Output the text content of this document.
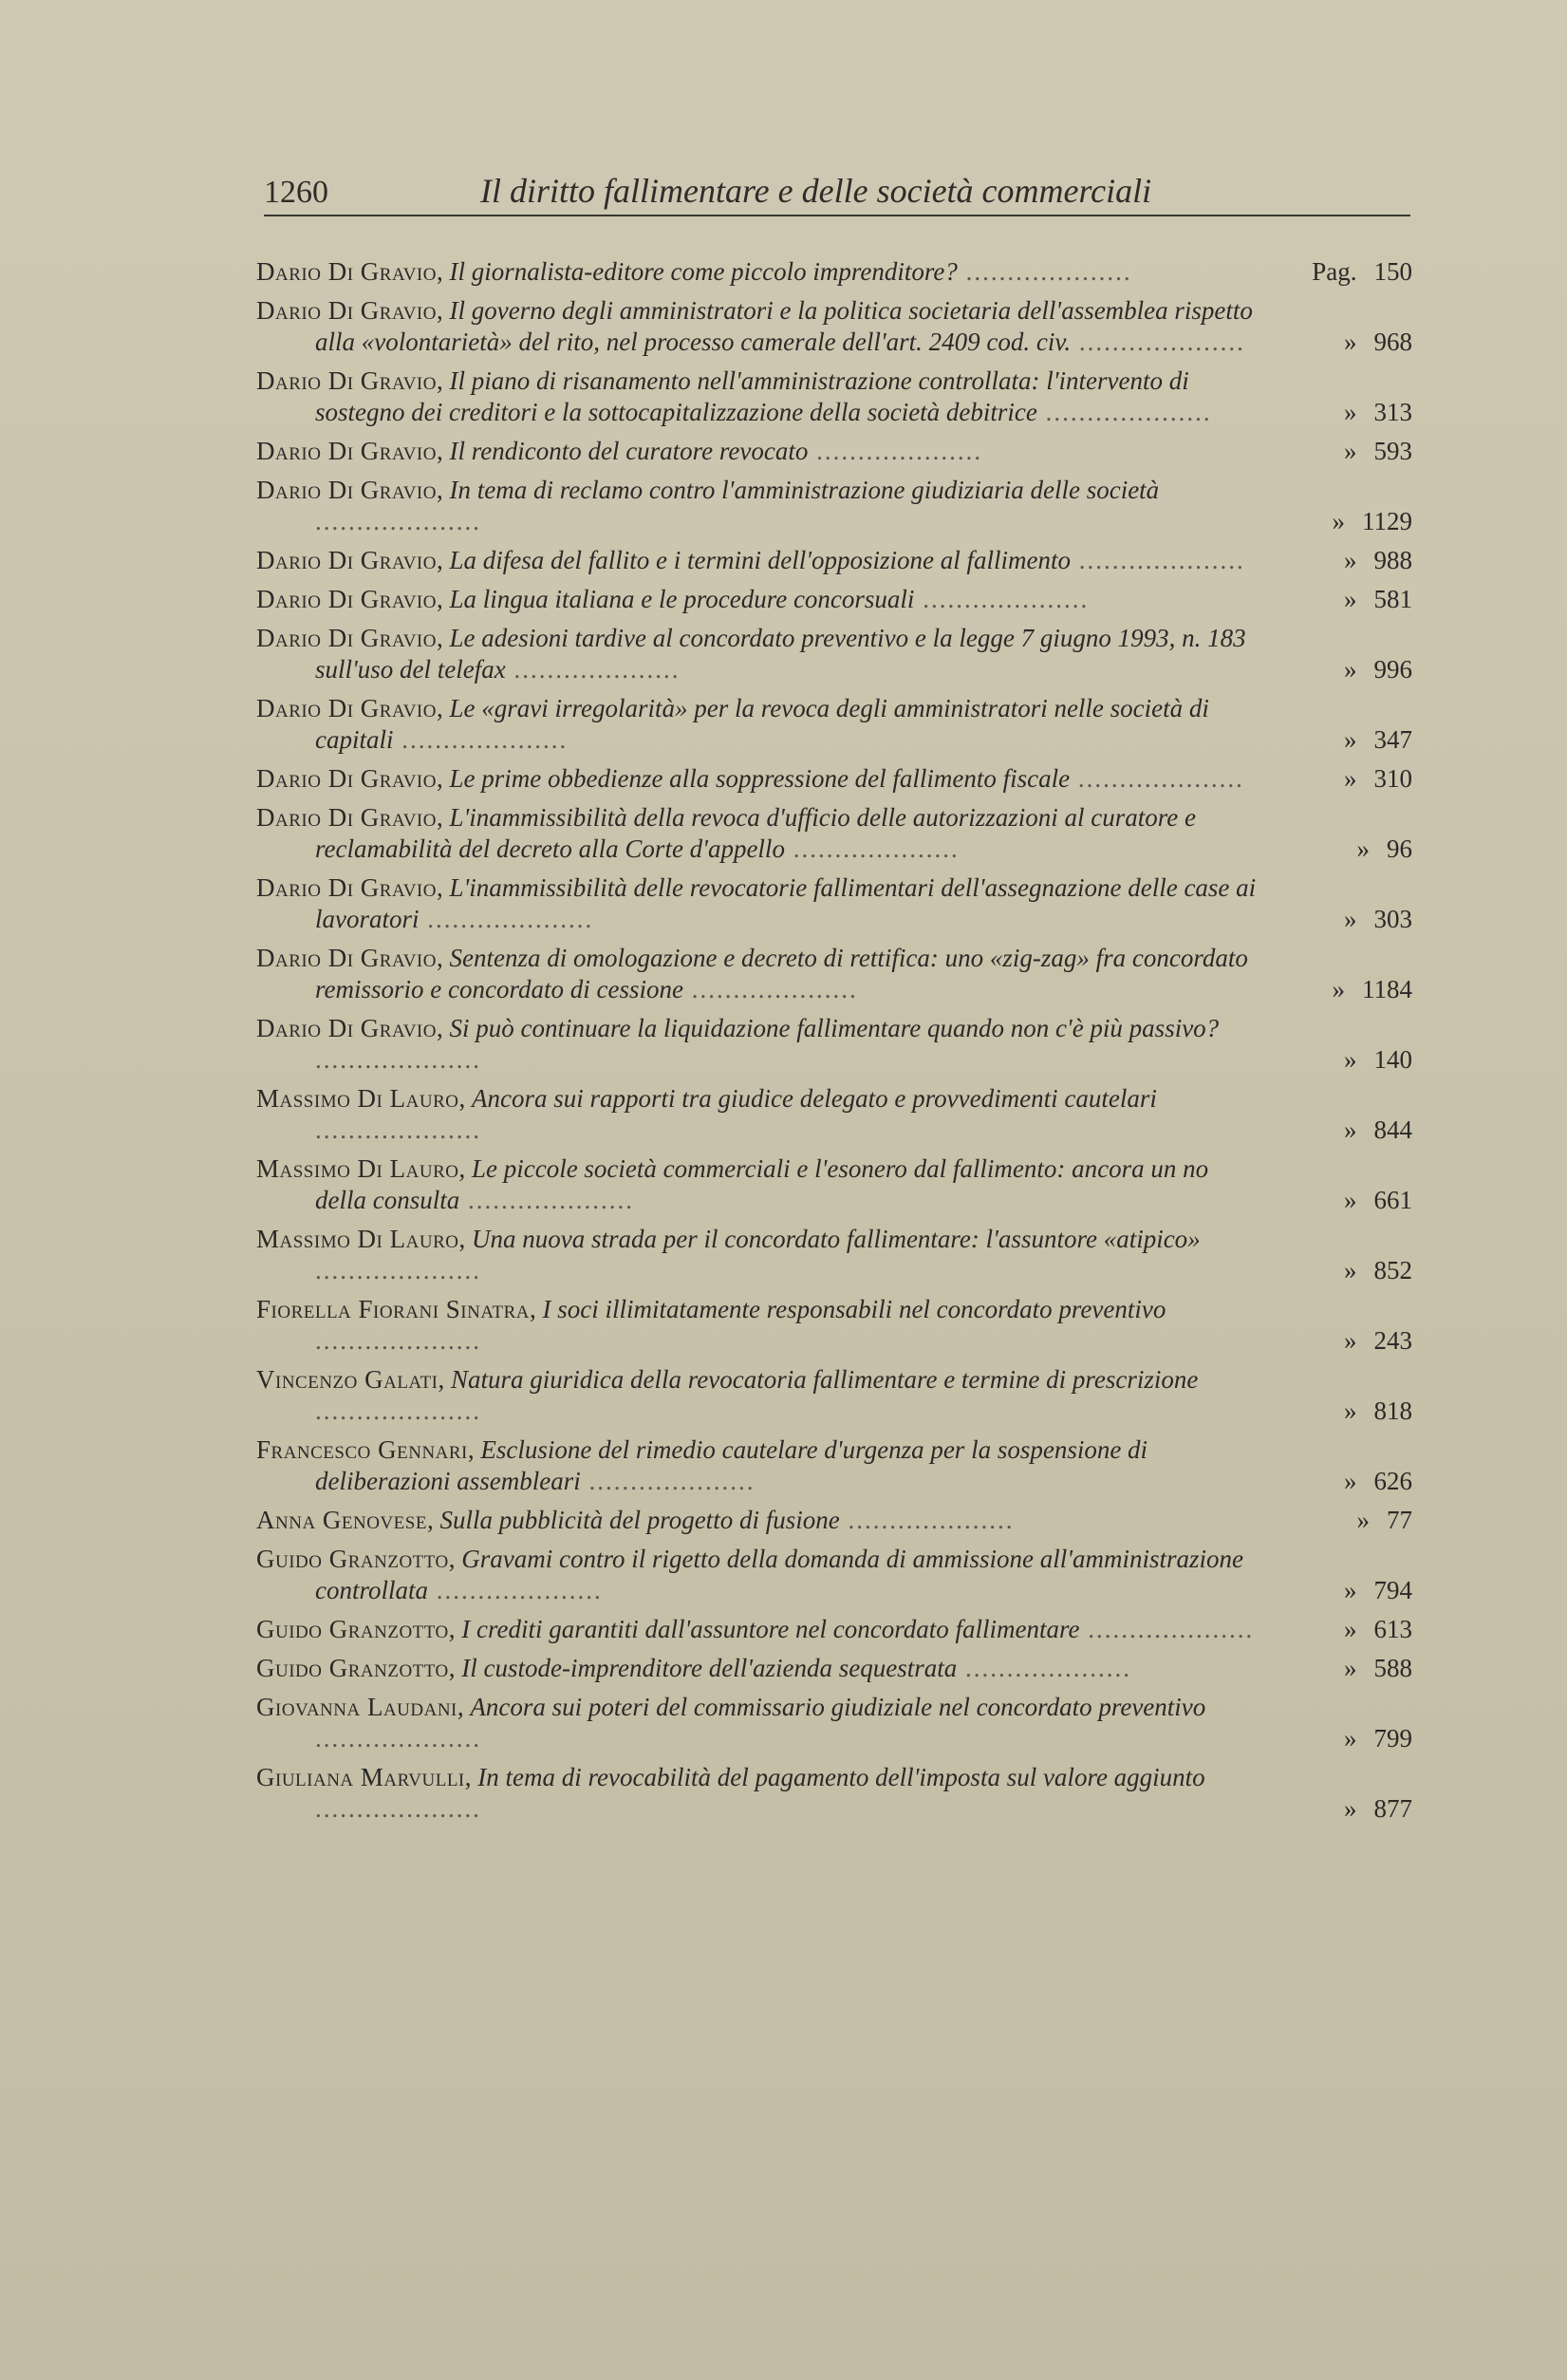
1260	Il diritto fallimentare e delle società commerciali
Dario Di Gravio, Il giornalista-editore come piccolo imprenditore? ....................	Pag. 150
Dario Di Gravio, Il governo degli amministratori e la politica societaria dell'assemblea rispetto alla «volontarietà» del rito, nel processo camerale dell'art. 2409 cod. civ. ....................	» 968
Dario Di Gravio, Il piano di risanamento nell'amministrazione controllata: l'intervento di sostegno dei creditori e la sottocapitalizzazione della società debitrice ....................	» 313
Dario Di Gravio, Il rendiconto del curatore revocato ....................	» 593
Dario Di Gravio, In tema di reclamo contro l'amministrazione giudiziaria delle società ....................	» 1129
Dario Di Gravio, La difesa del fallito e i termini dell'opposizione al fallimento ....................	» 988
Dario Di Gravio, La lingua italiana e le procedure concorsuali ....................	» 581
Dario Di Gravio, Le adesioni tardive al concordato preventivo e la legge 7 giugno 1993, n. 183 sull'uso del telefax ....................	» 996
Dario Di Gravio, Le «gravi irregolarità» per la revoca degli amministratori nelle società di capitali ....................	» 347
Dario Di Gravio, Le prime obbedienze alla soppressione del fallimento fiscale ....................	» 310
Dario Di Gravio, L'inammissibilità della revoca d'ufficio delle autorizzazioni al curatore e reclamabilità del decreto alla Corte d'appello ....................	» 96
Dario Di Gravio, L'inammissibilità delle revocatorie fallimentari dell'assegnazione delle case ai lavoratori ....................	» 303
Dario Di Gravio, Sentenza di omologazione e decreto di rettifica: uno «zig-zag» fra concordato remissorio e concordato di cessione ....................	» 1184
Dario Di Gravio, Si può continuare la liquidazione fallimentare quando non c'è più passivo? ....................	» 140
Massimo Di Lauro, Ancora sui rapporti tra giudice delegato e provvedimenti cautelari ....................	» 844
Massimo Di Lauro, Le piccole società commerciali e l'esonero dal fallimento: ancora un no della consulta ....................	» 661
Massimo Di Lauro, Una nuova strada per il concordato fallimentare: l'assuntore «atipico» ....................	» 852
Fiorella Fiorani Sinatra, I soci illimitatamente responsabili nel concordato preventivo ....................	» 243
Vincenzo Galati, Natura giuridica della revocatoria fallimentare e termine di prescrizione ....................	» 818
Francesco Gennari, Esclusione del rimedio cautelare d'urgenza per la sospensione di deliberazioni assembleari ....................	» 626
Anna Genovese, Sulla pubblicità del progetto di fusione ....................	» 77
Guido Granzotto, Gravami contro il rigetto della domanda di ammissione all'amministrazione controllata ....................	» 794
Guido Granzotto, I crediti garantiti dall'assuntore nel concordato fallimentare ....................	» 613
Guido Granzotto, Il custode-imprenditore dell'azienda sequestrata ....................	» 588
Giovanna Laudani, Ancora sui poteri del commissario giudiziale nel concordato preventivo ....................	» 799
Giuliana Marvulli, In tema di revocabilità del pagamento dell'imposta sul valore aggiunto ....................	» 877
